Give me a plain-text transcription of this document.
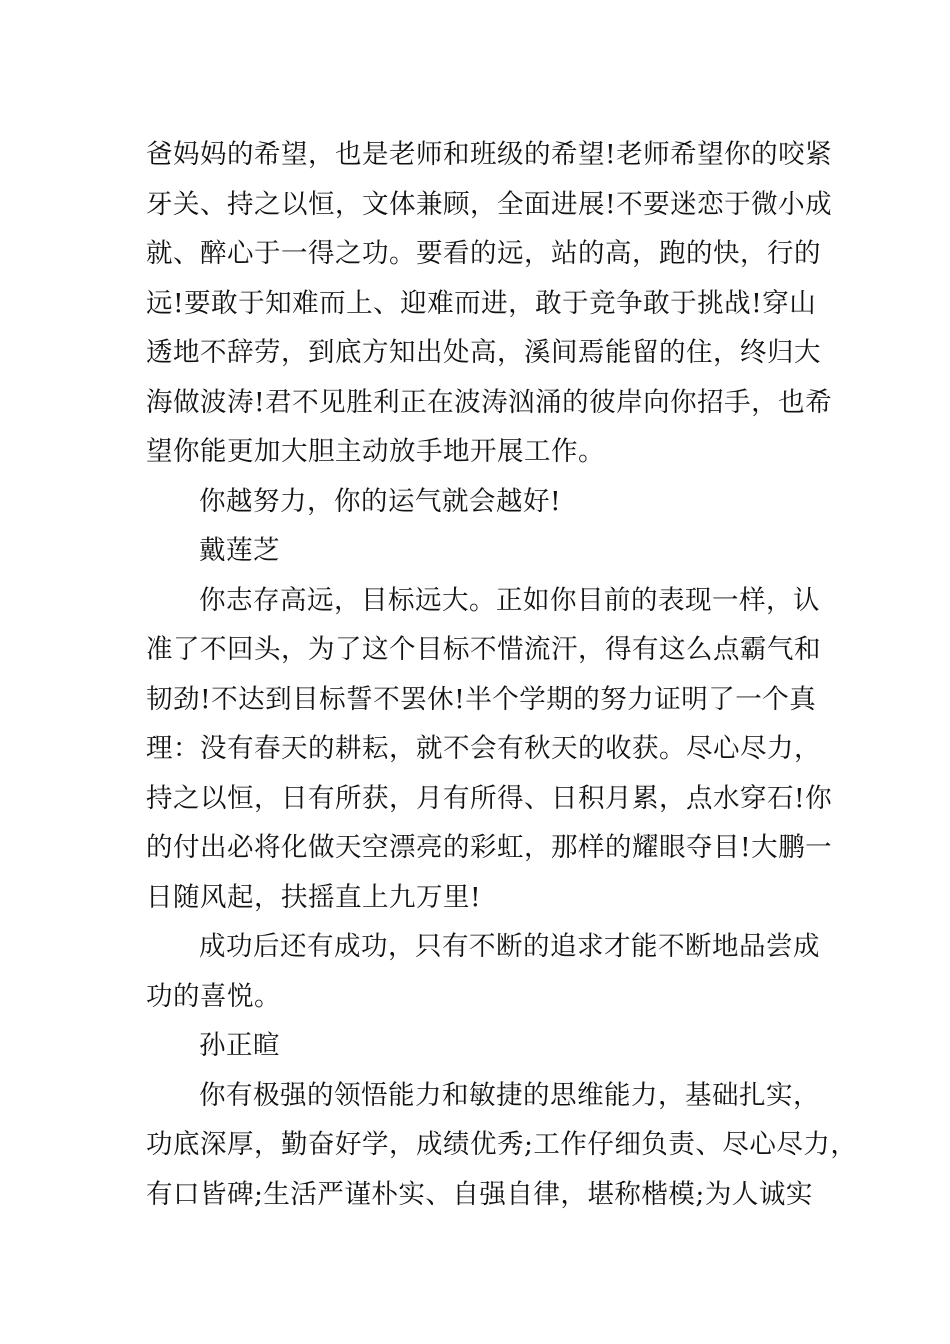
爸妈妈的希望，也是老师和班级的希望!老师希望你的咬紧
牙关、持之以恒，文体兼顾，全面进展!不要迷恋于微小成
就、醉心于一得之功。要看的远，站的高，跑的快，行的
远!要敢于知难而上、迎难而进，敢于竞争敢于挑战!穿山
透地不辞劳，到底方知出处高，溪间焉能留的住，终归大
海做波涛!君不见胜利正在波涛汹涌的彼岸向你招手，也希
望你能更加大胆主动放手地开展工作。
你越努力，你的运气就会越好!
戴莲芝
你志存高远，目标远大。正如你目前的表现一样，认
准了不回头，为了这个目标不惜流汗，得有这么点霸气和
韧劲!不达到目标誓不罢休!半个学期的努力证明了一个真
理：没有春天的耕耘，就不会有秋天的收获。尽心尽力，
持之以恒，日有所获，月有所得、日积月累，点水穿石!你
的付出必将化做天空漂亮的彩虹，那样的耀眼夺目!大鹏一
日随风起，扶摇直上九万里!
成功后还有成功，只有不断的追求才能不断地品尝成
功的喜悦。
孙正暄
你有极强的领悟能力和敏捷的思维能力，基础扎实，
功底深厚，勤奋好学，成绩优秀;工作仔细负责、尽心尽力，
有口皆碑;生活严谨朴实、自强自律，堪称楷模;为人诚实
